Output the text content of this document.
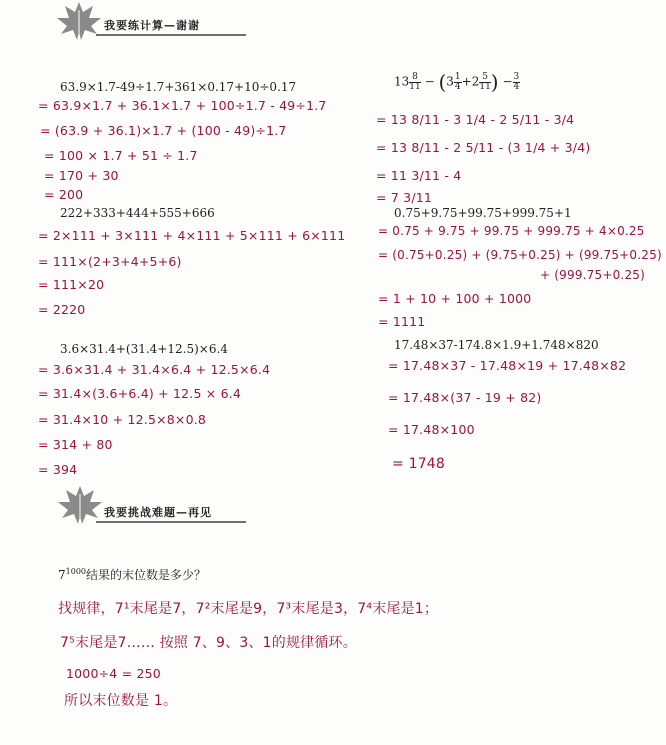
我要练计算—谢谢
63.9×1.7-49÷1.7+361×0.17+10÷0.17
= 63.9×1.7 + 36.1×1.7 + 100÷1.7 - 49÷1.7
= (63.9 + 36.1)×1.7 + (100 - 49)÷1.7
= 100 × 1.7 + 51 ÷ 1.7
= 170 + 30
= 200
222+333+444+555+666
= 2×111 + 3×111 + 4×111 + 5×111 + 6×111
= 111×(2+3+4+5+6)
= 111×20
= 2220
3.6×31.4+(31.4+12.5)×6.4
= 3.6×31.4 + 31.4×6.4 + 12.5×6.4
= 31.4×(3.6+6.4) + 12.5 × 6.4
= 31.4×10 + 12.5×8×0.8
= 314 + 80
= 394
$13 \frac{8}{11} - (3 \frac{1}{4} +2 \frac{5}{11}$ ) − $\frac{3}{4}$
= 13 8/11 - 3 1/4 - 2 5/11 - 3/4
= 13 8/11 - 2 5/11 - (3 1/4 + 3/4)
= 11 3/11 - 4
= 7 3/11
0.75+9.75+99.75+999.75+1
= 0.75 + 9.75 + 99.75 + 999.75 + 4×0.25
= (0.75+0.25) + (9.75+0.25) + (99.75+0.25)
+ (999.75+0.25)
= 1 + 10 + 100 + 1000
= 1111
17.48×37-174.8×1.9+1.748×820
= 17.48×37 - 17.48×19 + 17.48×82
= 17.48×(37 - 19 + 82)
= 17.48×100
= 1748
我要挑战难题—再见
$7^{1000}$结果的末位数是多少？
找规律，7¹末尾是7，7²末尾是9，7³末尾是3，7⁴末尾是1；
7⁵末尾是7…… 按照 7、9、3、1的规律循环。
1000÷4 = 250
所以末位数是 1。
